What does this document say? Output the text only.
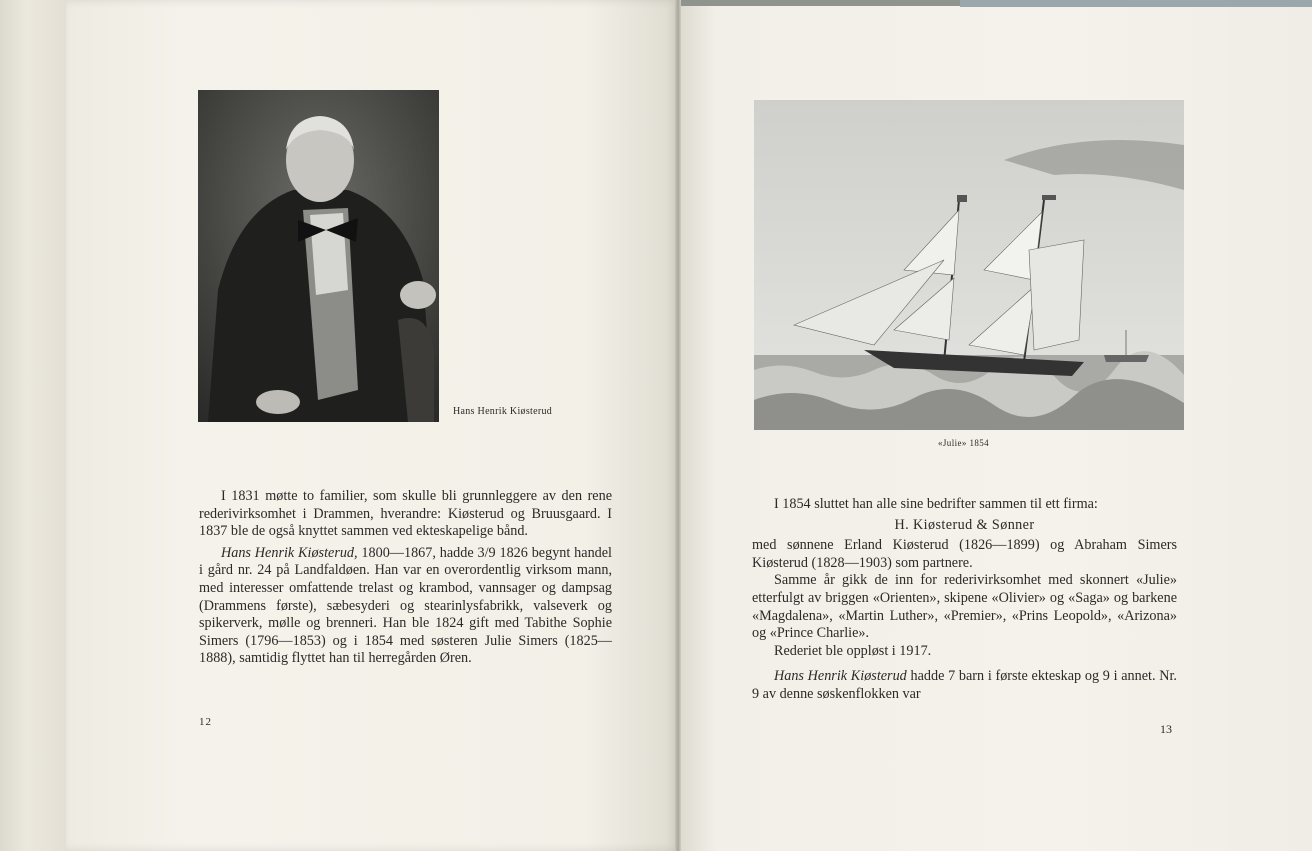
Hans Henrik Kiøsterud
«Julie» 1854

I 1831 møtte to familier, som skulle bli grunnleggere av den rene rederivirksomhet i Drammen, hverandre: Kiøsterud og Bruusgaard. I 1837 ble de også knyttet sammen ved ekteskapelige bånd.

Hans Henrik Kiøsterud, 1800—1867, hadde 3/9 1826 begynt handel i gård nr. 24 på Landfaldøen. Han var en overordentlig virksom mann, med interesser omfattende trelast og krambod, vannsager og dampsag (Drammens første), sæbesyderi og stearinlysfabrikk, valseverk og spikerverk, mølle og brenneri. Han ble 1824 gift med Tabithe Sophie Simers (1796—1853) og i 1854 med søsteren Julie Simers (1825—1888), samtidig flyttet han til herregården Øren.

12

I 1854 sluttet han alle sine bedrifter sammen til ett firma:

H. Kiøsterud & Sønner

med sønnene Erland Kiøsterud (1826—1899) og Abraham Simers Kiøsterud (1828—1903) som partnere.

Samme år gikk de inn for rederivirksomhet med skonnert «Julie» etterfulgt av briggen «Orienten», skipene «Olivier» og «Saga» og barkene «Magdalena», «Martin Luther», «Premier», «Prins Leopold», «Arizona» og «Prince Charlie».

Rederiet ble oppløst i 1917.

Hans Henrik Kiøsterud hadde 7 barn i første ekteskap og 9 i annet. Nr. 9 av denne søskenflokken var

13
